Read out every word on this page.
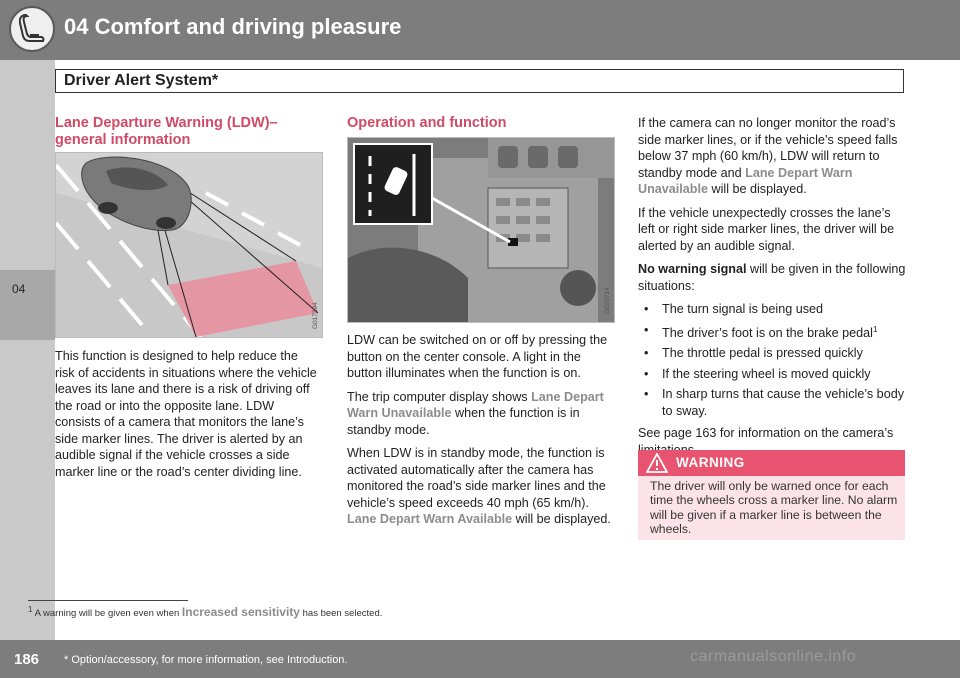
04 Comfort and driving pleasure
Driver Alert System*
04
Lane Departure Warning (LDW)–
general information
G017394

This function is designed to help reduce the risk of accidents in situations where the vehicle leaves its lane and there is a risk of driving off the road or into the opposite lane. LDW consists of a camera that monitors the lane’s side marker lines. The driver is alerted by an audible signal if the vehicle crosses a side marker line or the road’s center dividing line.

Operation and function
G020714

LDW can be switched on or off by pressing the button on the center console. A light in the button illuminates when the function is on.

The trip computer display shows Lane Depart Warn Unavailable when the function is in standby mode.

When LDW is in standby mode, the function is activated automatically after the camera has monitored the road’s side marker lines and the vehicle’s speed exceeds 40 mph (65 km/h). Lane Depart Warn Available will be displayed.

If the camera can no longer monitor the road’s side marker lines, or if the vehicle’s speed falls below 37 mph (60 km/h), LDW will return to standby mode and Lane Depart Warn Unavailable will be displayed.

If the vehicle unexpectedly crosses the lane’s left or right side marker lines, the driver will be alerted by an audible signal.

No warning signal will be given in the following situations:

• The turn signal is being used
• The driver’s foot is on the brake pedal$^1$
• The throttle pedal is pressed quickly
• If the steering wheel is moved quickly
• In sharp turns that cause the vehicle’s body to sway.

See page 163 for information on the camera’s

WARNING
The driver will only be warned once for each time the wheels cross a marker line. No alarm will be given if a marker line is between the wheels.
$^1$ A warning will be given even when Increased sensitivity has been selected.
186 * Option/accessory, for more information, see Introduction.	carmanualsonline.info
